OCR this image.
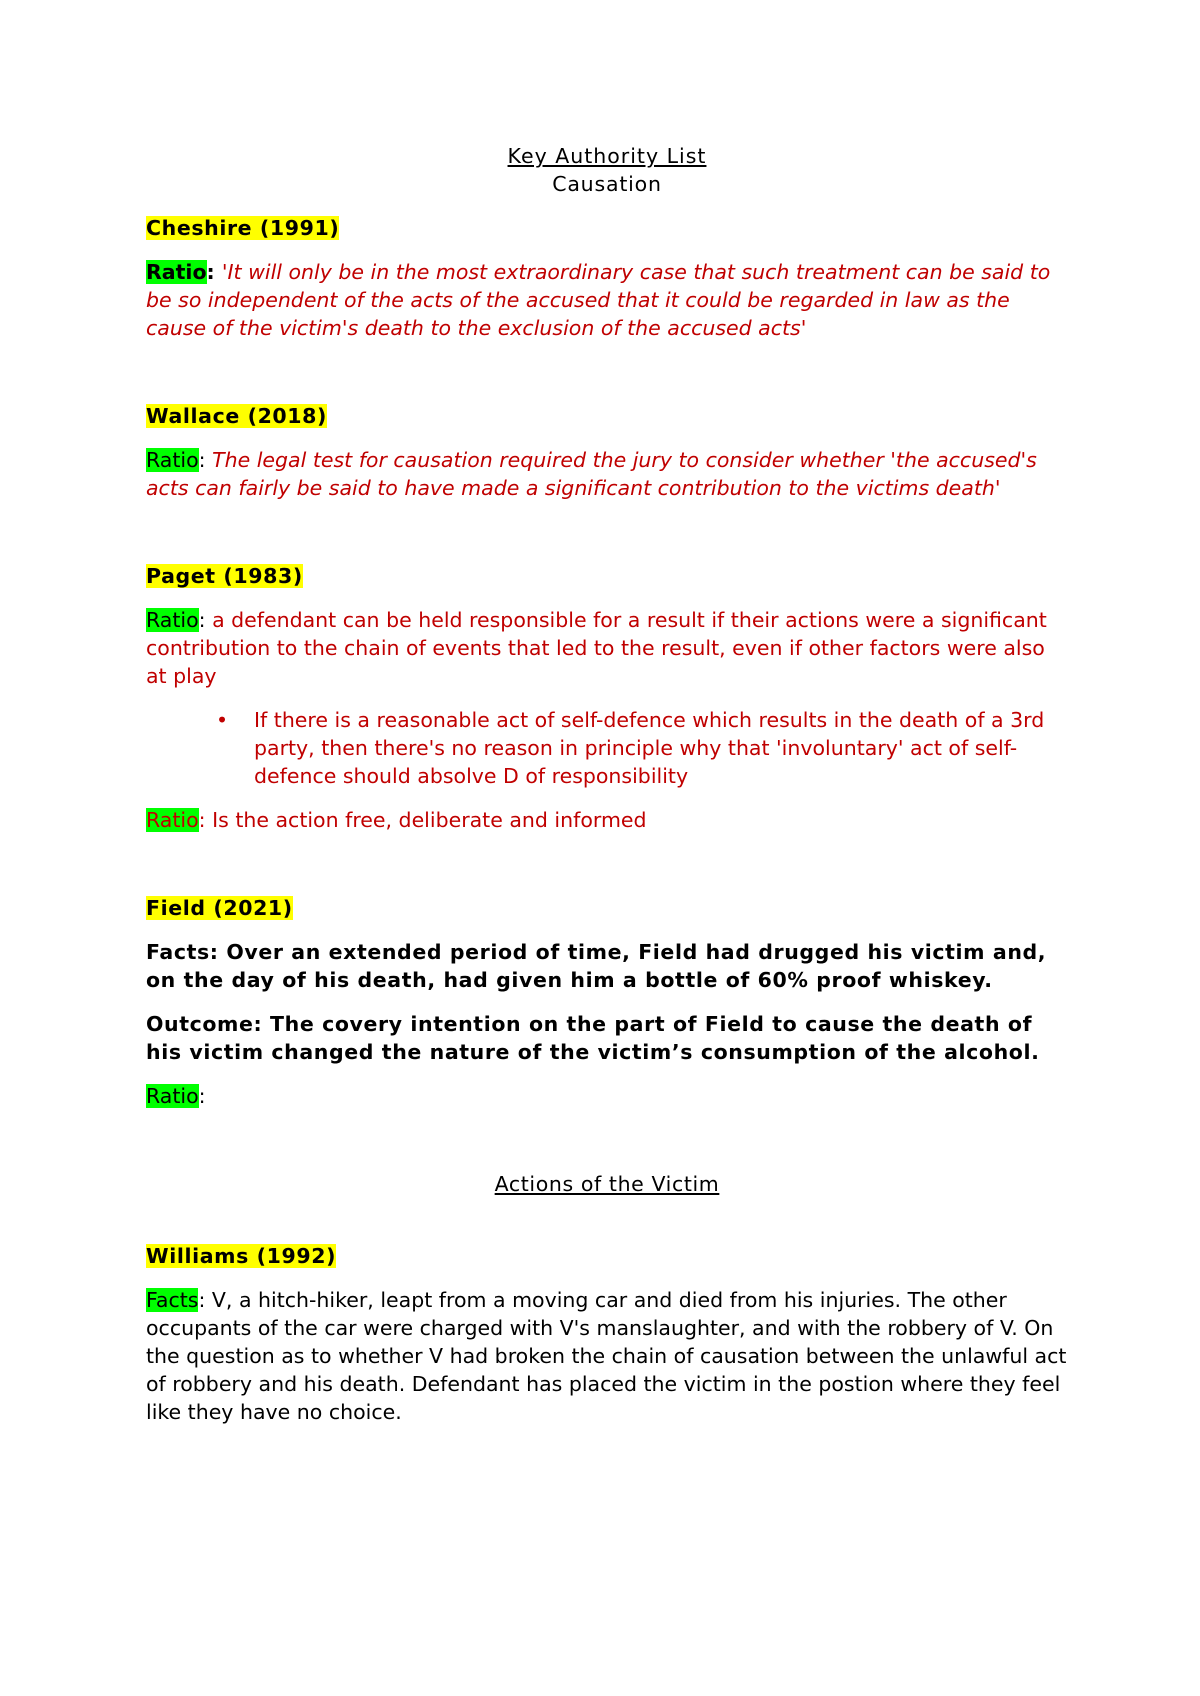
Key Authority List

Causation

Cheshire (1991)

Ratio: 'It will only be in the most extraordinary case that such treatment can be said to be so independent of the acts of the accused that it could be regarded in law as the cause of the victim's death to the exclusion of the accused acts'

Wallace (2018)

Ratio: The legal test for causation required the jury to consider whether 'the accused's acts can fairly be said to have made a significant contribution to the victims death'

Paget (1983)

Ratio: a defendant can be held responsible for a result if their actions were a significant contribution to the chain of events that led to the result, even if other factors were also at play

• If there is a reasonable act of self-defence which results in the death of a 3rd party, then there's no reason in principle why that 'involuntary' act of self-defence should absolve D of responsibility

Ratio: Is the action free, deliberate and informed

Field (2021)

Facts: Over an extended period of time, Field had drugged his victim and, on the day of his death, had given him a bottle of 60% proof whiskey.

Outcome: The covery intention on the part of Field to cause the death of his victim changed the nature of the victim’s consumption of the alcohol.

Ratio:

Actions of the Victim

Williams (1992)

Facts: V, a hitch-hiker, leapt from a moving car and died from his injuries. The other occupants of the car were charged with V's manslaughter, and with the robbery of V. On the question as to whether V had broken the chain of causation between the unlawful act of robbery and his death. Defendant has placed the victim in the postion where they feel like they have no choice.
